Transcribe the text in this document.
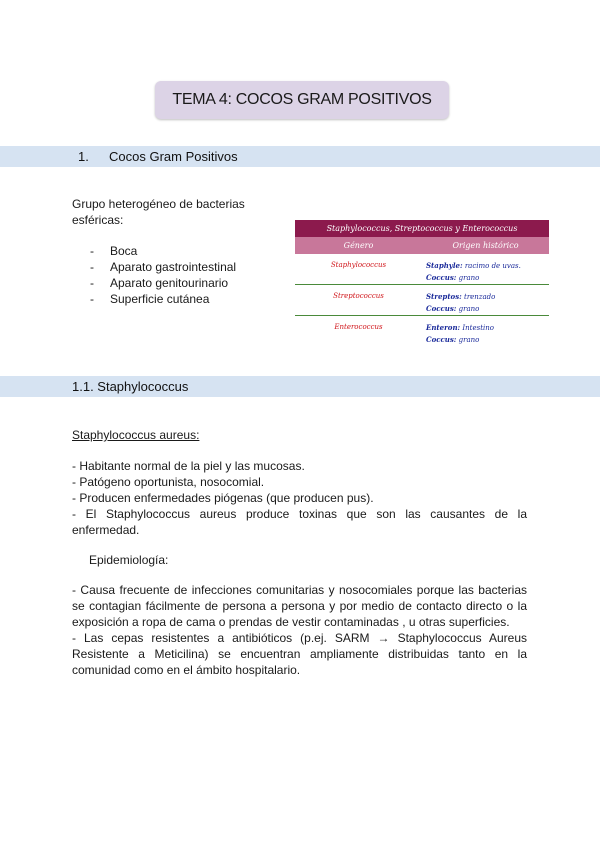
TEMA 4: COCOS GRAM POSITIVOS
1. Cocos Gram Positivos
Grupo heterogéneo de bacterias esféricas:
- Boca
- Aparato gastrointestinal
- Aparato genitourinario
- Superficie cutánea
Staphylococcus, Streptococcus y Enterococcus	
Género	Origen histórico
Staphylococcus	Staphyle: racimo de uvas.
Coccus: grano
Streptococcus	Streptos: trenzado
Coccus: grano
Enterococcus	Enteron: Intestino
Coccus: grano
1.1. Staphylococcus
Staphylococcus aureus:

- Habitante normal de la piel y las mucosas.

- Patógeno oportunista, nosocomial.

- Producen enfermedades piógenas (que producen pus).

- El Staphylococcus aureus produce toxinas que son las causantes de la enfermedad.

Epidemiología:

- Causa frecuente de infecciones comunitarias y nosocomiales porque las bacterias se contagian fácilmente de persona a persona y por medio de contacto directo o la exposición a ropa de cama o prendas de vestir contaminadas , u otras superficies.

- Las cepas resistentes a antibióticos (p.ej. SARM → Staphylococcus Aureus Resistente a Meticilina) se encuentran ampliamente distribuidas tanto en la comunidad como en el ámbito hospitalario.
